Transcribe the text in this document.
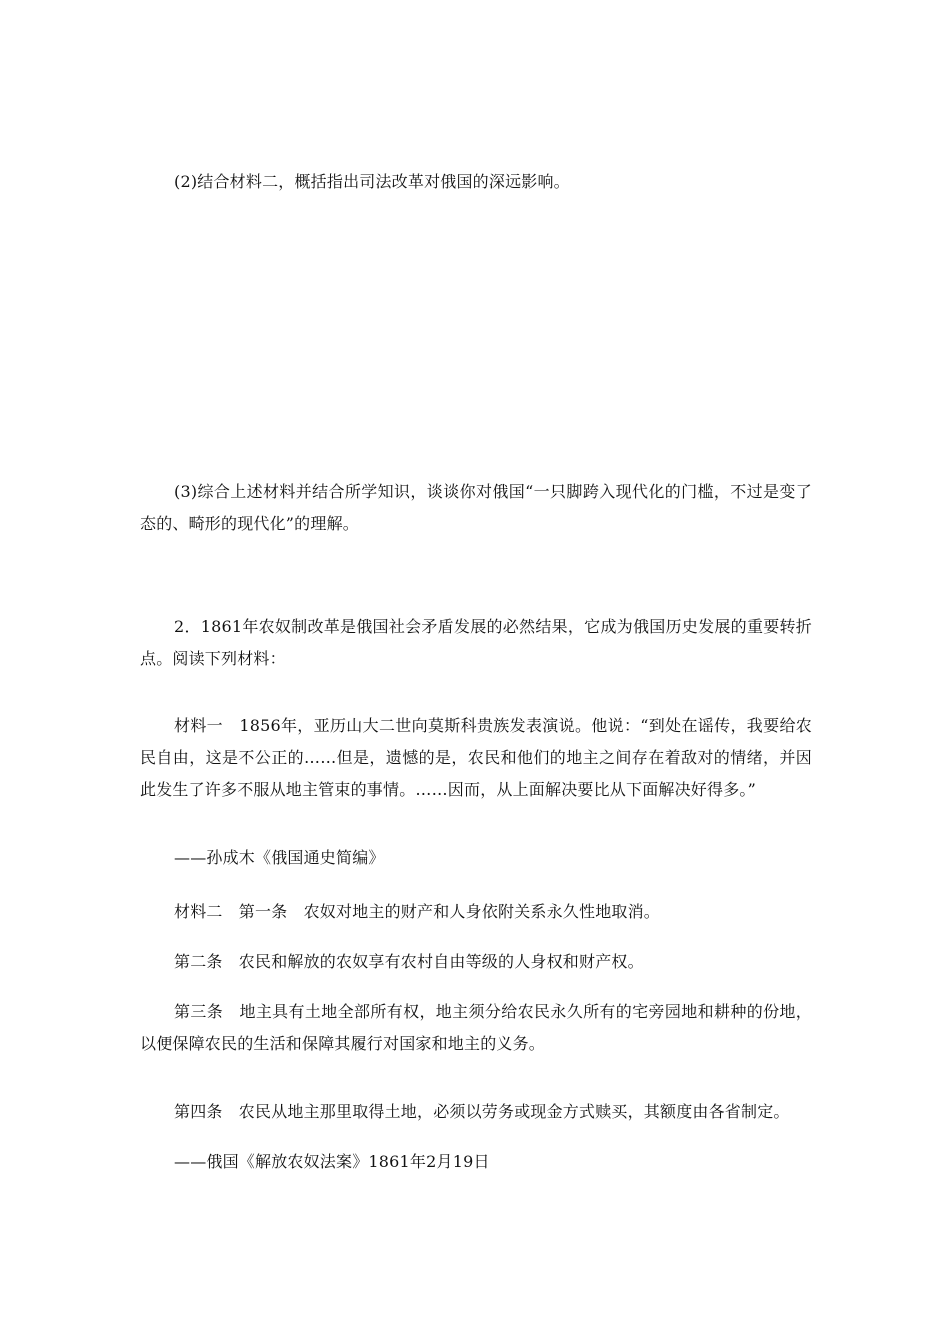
(2)结合材料二，概括指出司法改革对俄国的深远影响。

(3)综合上述材料并结合所学知识，谈谈你对俄国“一只脚跨入现代化的门槛，不过是变了态的、畸形的现代化”的理解。

2．1861年农奴制改革是俄国社会矛盾发展的必然结果，它成为俄国历史发展的重要转折点。阅读下列材料：

材料一　1856年，亚历山大二世向莫斯科贵族发表演说。他说：“到处在谣传，我要给农民自由，这是不公正的……但是，遗憾的是，农民和他们的地主之间存在着敌对的情绪，并因此发生了许多不服从地主管束的事情。……因而，从上面解决要比从下面解决好得多。”

——孙成木《俄国通史简编》

材料二　第一条　农奴对地主的财产和人身依附关系永久性地取消。

第二条　农民和解放的农奴享有农村自由等级的人身权和财产权。

第三条　地主具有土地全部所有权，地主须分给农民永久所有的宅旁园地和耕种的份地，以便保障农民的生活和保障其履行对国家和地主的义务。

第四条　农民从地主那里取得土地，必须以劳务或现金方式赎买，其额度由各省制定。

——俄国《解放农奴法案》1861年2月19日
